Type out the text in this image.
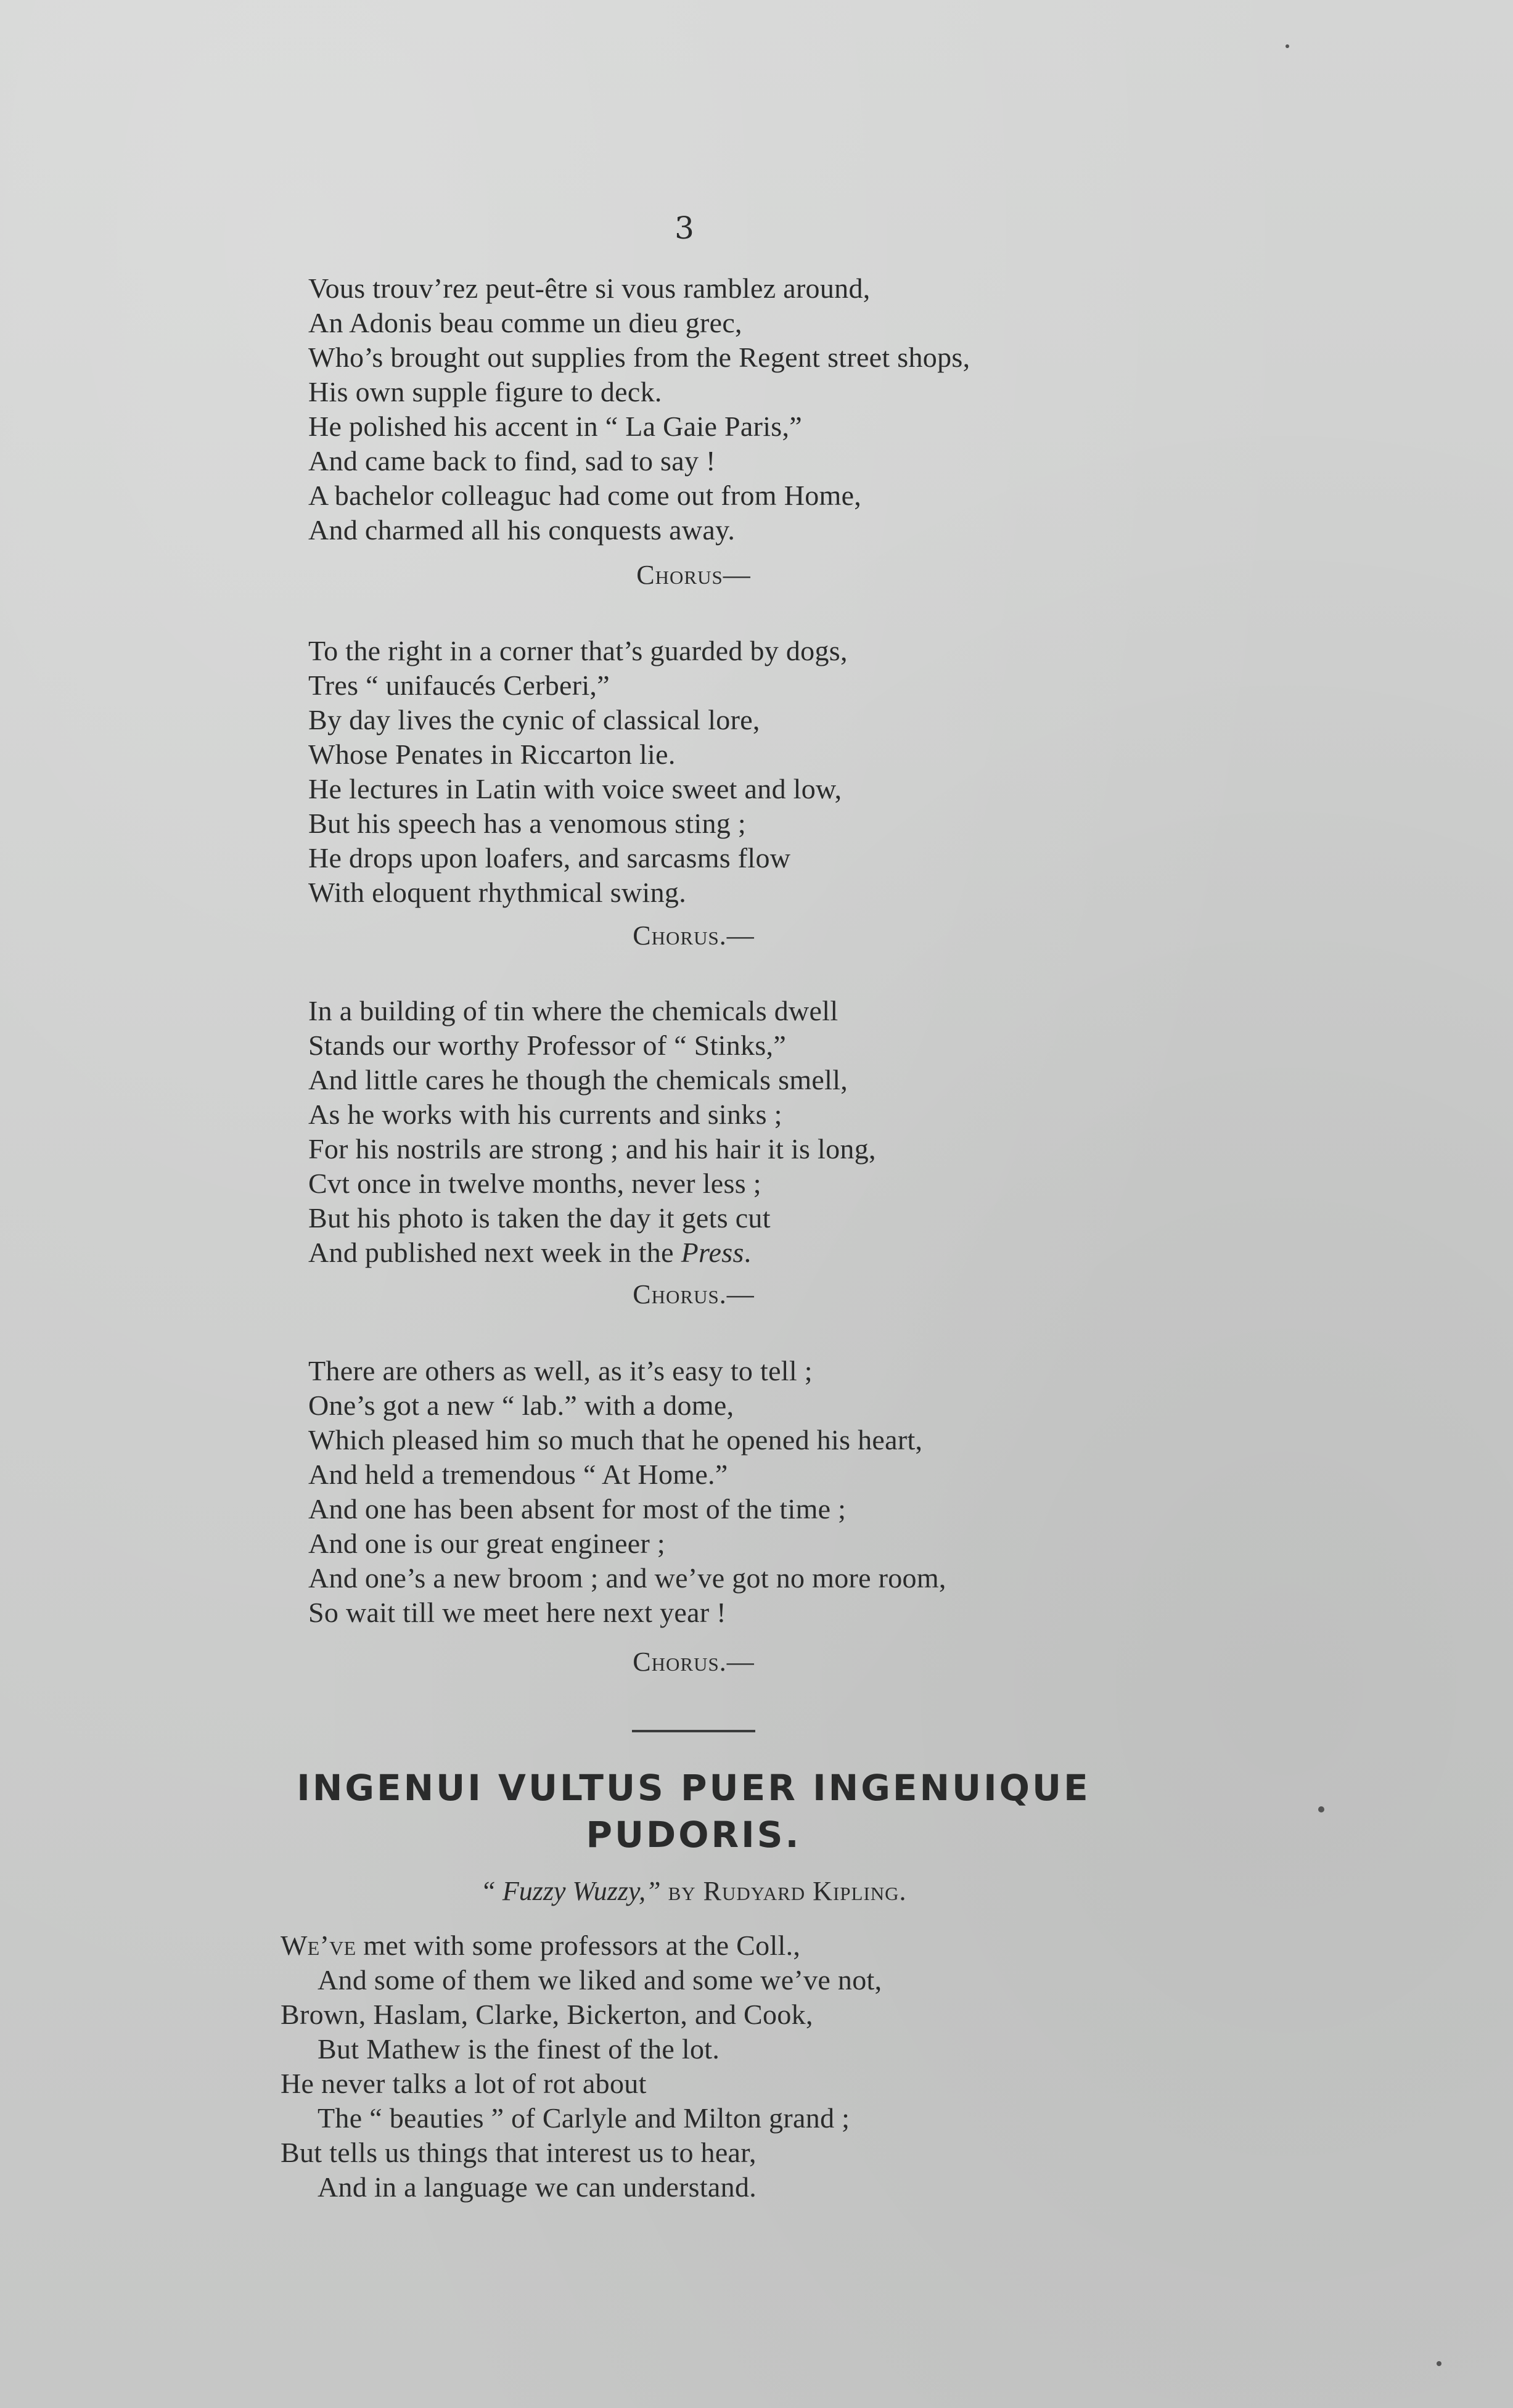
3
Vous trouv’rez peut-être si vous ramblez around,
An Adonis beau comme un dieu grec,
Who’s brought out supplies from the Regent street shops,
His own supple figure to deck.
He polished his accent in “ La Gaie Paris,”
And came back to find, sad to say !
A bachelor colleaguc had come out from Home,
And charmed all his conquests away.
Chorus—
To the right in a corner that’s guarded by dogs,
Tres “ unifaucés Cerberi,”
By day lives the cynic of classical lore,
Whose Penates in Riccarton lie.
He lectures in Latin with voice sweet and low,
But his speech has a venomous sting ;
He drops upon loafers, and sarcasms flow
With eloquent rhythmical swing.
Chorus.—
In a building of tin where the chemicals dwell
Stands our worthy Professor of “ Stinks,”
And little cares he though the chemicals smell,
As he works with his currents and sinks ;
For his nostrils are strong ; and his hair it is long,
Cvt once in twelve months, never less ;
But his photo is taken the day it gets cut
And published next week in the Press.
Chorus.—
There are others as well, as it’s easy to tell ;
One’s got a new “ lab.” with a dome,
Which pleased him so much that he opened his heart,
And held a tremendous “ At Home.”
And one has been absent for most of the time ;
And one is our great engineer ;
And one’s a new broom ; and we’ve got no more room,
So wait till we meet here next year !
Chorus.—
INGENUI VULTUS PUER INGENUIQUE
PUDORIS.
“ Fuzzy Wuzzy,” by Rudyard Kipling.
We’ve met with some professors at the Coll.,
And some of them we liked and some we’ve not,
Brown, Haslam, Clarke, Bickerton, and Cook,
But Mathew is the finest of the lot.
He never talks a lot of rot about
The “ beauties ” of Carlyle and Milton grand ;
But tells us things that interest us to hear,
And in a language we can understand.
